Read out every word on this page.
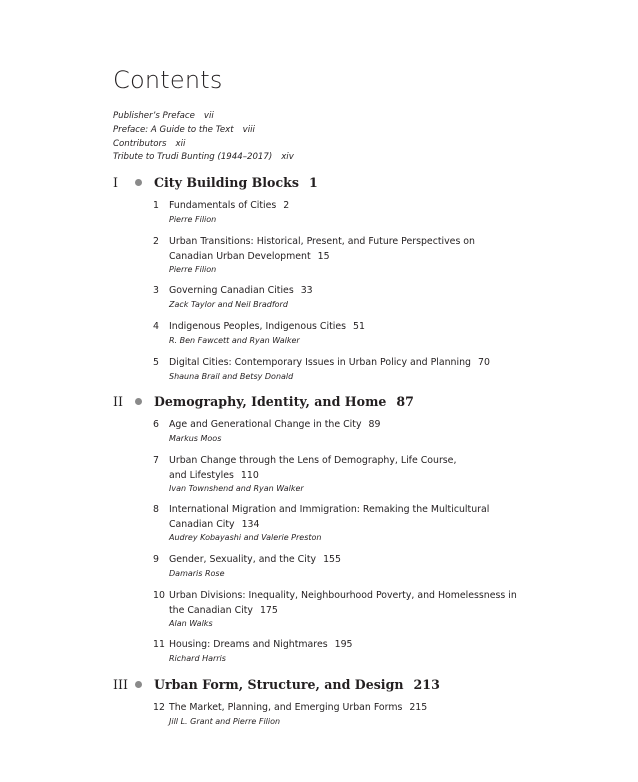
Contents
Publisher’s Preface vii
Preface: A Guide to the Text viii
Contributors xii
Tribute to Trudi Bunting (1944–2017) xiv
I	City Building Blocks 1
1 Fundamentals of Cities 2
Pierre Filion
2 Urban Transitions: Historical, Present, and Future Perspectives on Canadian Urban Development 15
Pierre Filion
3 Governing Canadian Cities 33
Zack Taylor and Neil Bradford
4 Indigenous Peoples, Indigenous Cities 51
R. Ben Fawcett and Ryan Walker
5 Digital Cities: Contemporary Issues in Urban Policy and Planning 70
Shauna Brail and Betsy Donald
II Demography, Identity, and Home 87
6 Age and Generational Change in the City 89
Markus Moos
7 Urban Change through the Lens of Demography, Life Course, and Lifestyles 110
Ivan Townshend and Ryan Walker
8 International Migration and Immigration: Remaking the Multicultural Canadian City 134
Audrey Kobayashi and Valerie Preston
9 Gender, Sexuality, and the City 155
Damaris Rose
10 Urban Divisions: Inequality, Neighbourhood Poverty, and Homelessness in the Canadian City 175
Alan Walks
11 Housing: Dreams and Nightmares 195
Richard Harris
III Urban Form, Structure, and Design 213
12 The Market, Planning, and Emerging Urban Forms 215
Jill L. Grant and Pierre Filion
